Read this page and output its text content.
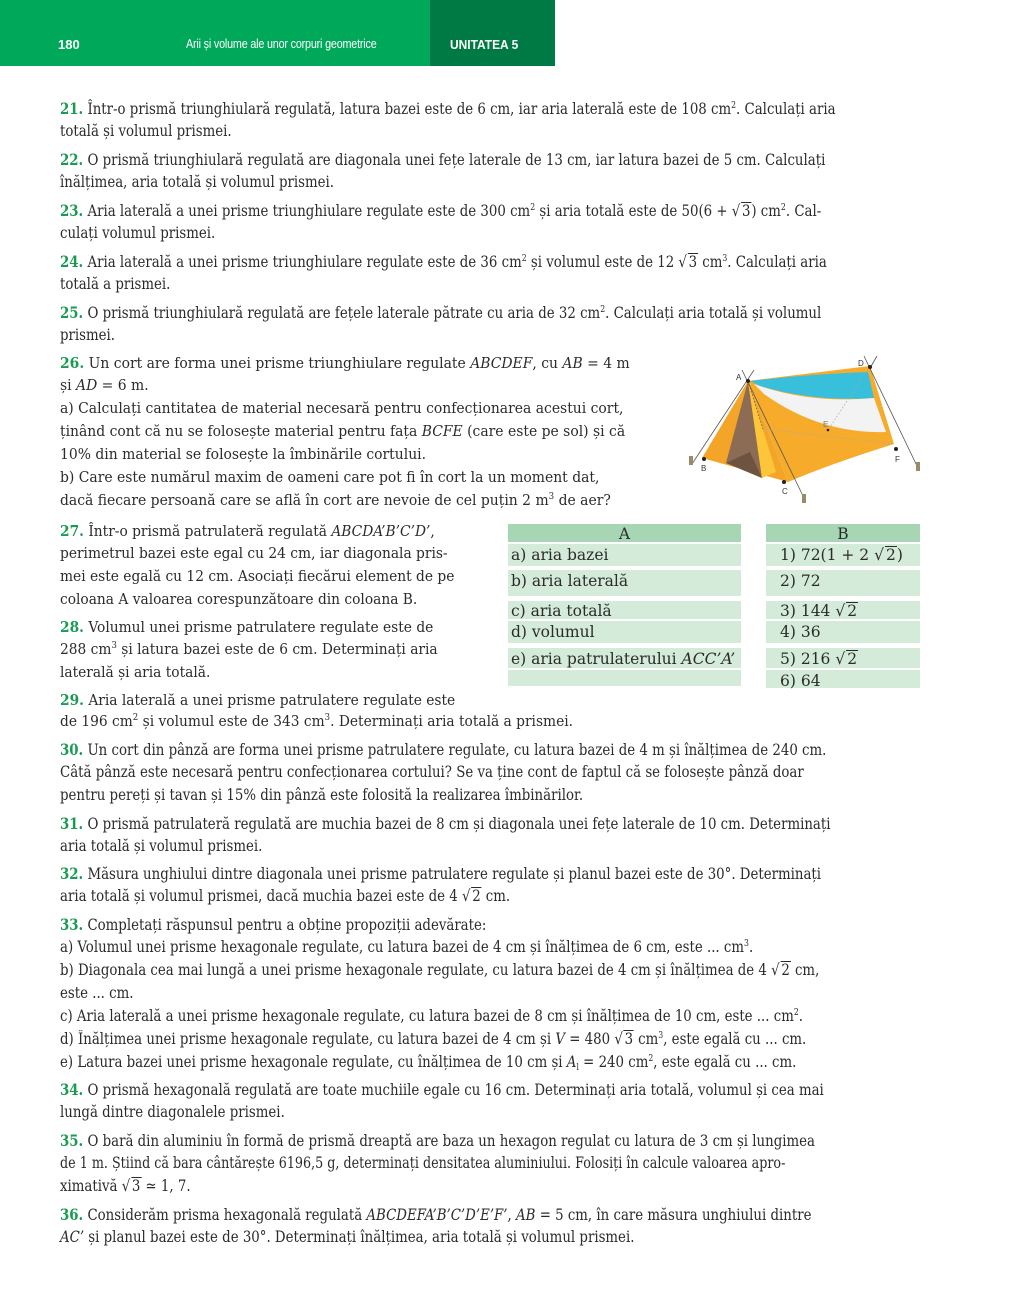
180	Arii și volume ale unor corpuri geometrice	UNITATEA 5
21. Într-o prismă triunghiulară regulată, latura bazei este de 6 cm, iar aria laterală este de 108 $cm^2$. Calculați aria
totală și volumul prismei.
22. O prismă triunghiulară regulată are diagonala unei fețe laterale de 13 cm, iar latura bazei de 5 cm. Calculați
înălțimea, aria totală și volumul prismei.
23. Aria laterală a unei prisme triunghiulare regulate este de 300 $cm^2$ și aria totală este de 50(6 + √ 3) $cm^2$. Cal-
culați volumul prismei.
24. Aria laterală a unei prisme triunghiulare regulate este de 36 $cm^2$ și volumul este de 12 √ 3 $cm^3$. Calculați aria
totală a prismei.
25. O prismă triunghiulară regulată are fețele laterale pătrate cu aria de 32 $cm^2$. Calculați aria totală și volumul
prismei.
26. Un cort are forma unei prisme triunghiulare regulate ABCDEF, cu AB = 4 m
și AD = 6 m.
a) Calculați cantitatea de material necesară pentru confecționarea acestui cort,
ținând cont că nu se folosește material pentru fața BCFE (care este pe sol) și că
10% din material se folosește la îmbinările cortului.
b) Care este numărul maxim de oameni care pot fi în cort la un moment dat,
dacă fiecare persoană care se află în cort are nevoie de cel puțin 2 $m^3$ de aer?
A
B
C
D
E
F
27. Într-o prismă patrulateră regulată ABCDA’B’C’D’,
perimetrul bazei este egal cu 24 cm, iar diagonala pris-
mei este egală cu 12 cm. Asociați fiecărui element de pe
coloana A valoarea corespunzătoare din coloana B.
28. Volumul unei prisme patrulatere regulate este de
288 $cm^3$ și latura bazei este de 6 cm. Determinați aria
laterală și aria totală.
A
a) aria bazei
b) aria laterală
c) aria totală
d) volumul
e) aria patrulaterului ACC’A’
B
1) 72(1 + 2 √ 2)
2) 72
3) 144 √ 2
4) 36
5) 216 √ 2
6) 64
29. Aria laterală a unei prisme patrulatere regulate este
de 196 $cm^2$ și volumul este de 343 $cm^3$. Determinați aria totală a prismei.
30. Un cort din pânză are forma unei prisme patrulatere regulate, cu latura bazei de 4 m și înălțimea de 240 cm.
Câtă pânză este necesară pentru confecționarea cortului? Se va ține cont de faptul că se folosește pânză doar
pentru pereți și tavan și 15% din pânză este folosită la realizarea îmbinărilor.
31. O prismă patrulateră regulată are muchia bazei de 8 cm și diagonala unei fețe laterale de 10 cm. Determinați
aria totală și volumul prismei.
32. Măsura unghiului dintre diagonala unei prisme patrulatere regulate și planul bazei este de 30°. Determinați
aria totală și volumul prismei, dacă muchia bazei este de 4 √ 2 cm.
33. Completați răspunsul pentru a obține propoziții adevărate:
a) Volumul unei prisme hexagonale regulate, cu latura bazei de 4 cm și înălțimea de 6 cm, este ... $cm^3$.
b) Diagonala cea mai lungă a unei prisme hexagonale regulate, cu latura bazei de 4 cm și înălțimea de 4 √ 2 cm,
este ... cm.
c) Aria laterală a unei prisme hexagonale regulate, cu latura bazei de 8 cm și înălțimea de 10 cm, este ... $cm^2$.
d) Înălțimea unei prisme hexagonale regulate, cu latura bazei de 4 cm și V = 480 √ 3 $cm^3$, este egală cu ... cm.
e) Latura bazei unei prisme hexagonale regulate, cu înălțimea de 10 cm și $A_l = 240$ $cm^2$, este egală cu ... cm.
34. O prismă hexagonală regulată are toate muchiile egale cu 16 cm. Determinați aria totală, volumul și cea mai
lungă dintre diagonalele prismei.
35. O bară din aluminiu în formă de prismă dreaptă are baza un hexagon regulat cu latura de 3 cm și lungimea
de 1 m. Știind că bara cântărește 6196,5 g, determinați densitatea aluminiului. Folosiți în calcule valoarea apro-
ximativă √ 3 ≃ 1, 7.
36. Considerăm prisma hexagonală regulată ABCDEFA’B’C’D’E’F’, AB = 5 cm, în care măsura unghiului dintre
AC’ și planul bazei este de 30°. Determinați înălțimea, aria totală și volumul prismei.
